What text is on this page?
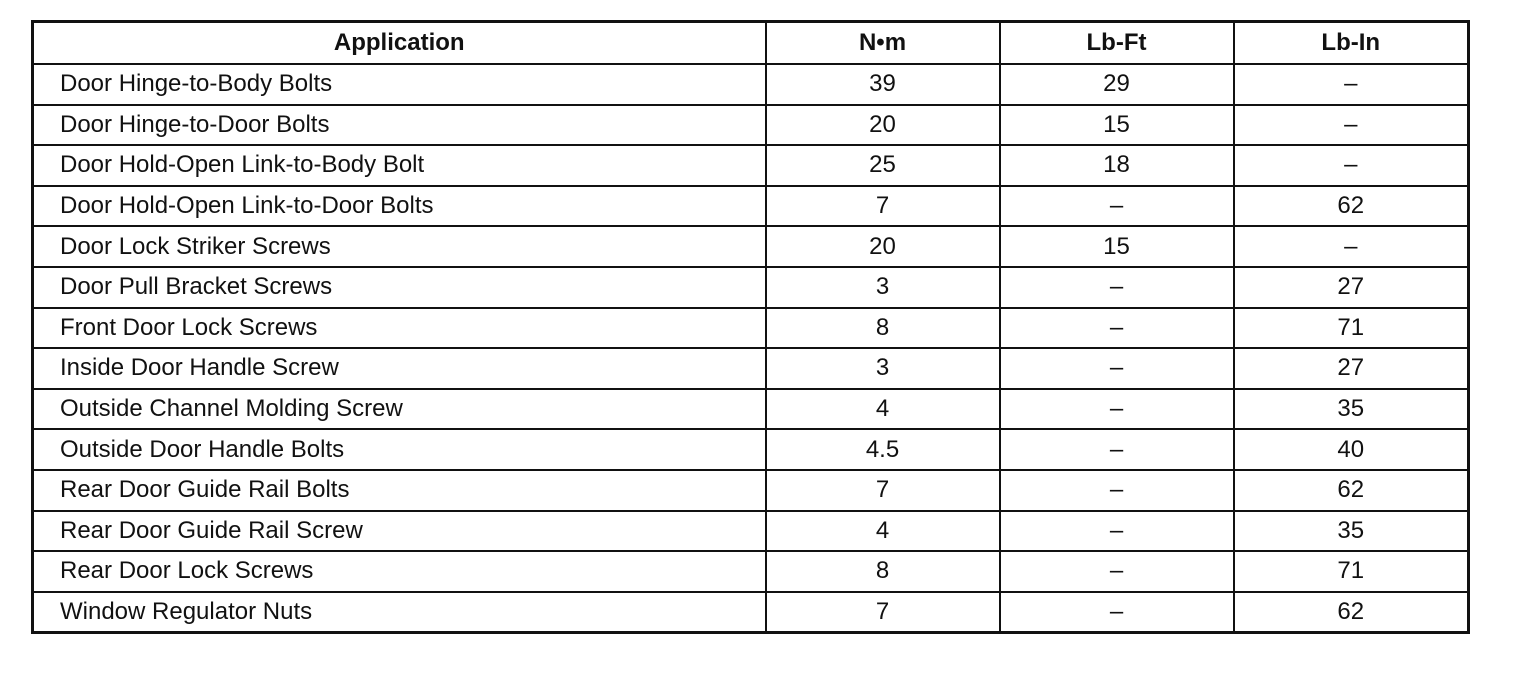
Application	N•m	Lb-Ft	Lb-In
Door Hinge-to-Body Bolts	39	29	–
Door Hinge-to-Door Bolts	20	15	–
Door Hold-Open Link-to-Body Bolt	25	18	–
Door Hold-Open Link-to-Door Bolts	7	–	62
Door Lock Striker Screws	20	15	–
Door Pull Bracket Screws	3	–	27
Front Door Lock Screws	8	–	71
Inside Door Handle Screw	3	–	27
Outside Channel Molding Screw	4	–	35
Outside Door Handle Bolts	4.5	–	40
Rear Door Guide Rail Bolts	7	–	62
Rear Door Guide Rail Screw	4	–	35
Rear Door Lock Screws	8	–	71
Window Regulator Nuts	7	–	62
